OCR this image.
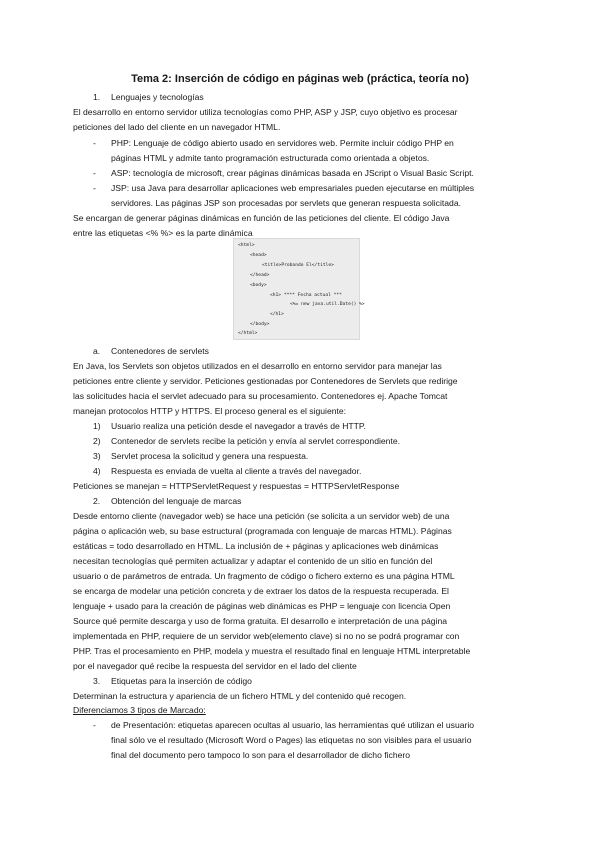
Tema 2: Inserción de código en páginas web (práctica, teoría no)
1. Lenguajes y tecnologías
El desarrollo en entorno servidor utiliza tecnologías como PHP, ASP y JSP, cuyo objetivo es procesar
peticiones del lado del cliente en un navegador HTML.
- PHP: Lenguaje de código abierto usado en servidores web. Permite incluir código PHP en
páginas HTML y admite tanto programación estructurada como orientada a objetos.
- ASP: tecnología de microsoft, crear páginas dinámicas basada en JScript o Visual Basic Script.
- JSP: usa Java para desarrollar aplicaciones web empresariales pueden ejecutarse en múltiples
servidores. Las páginas JSP son procesadas por servlets que generan respuesta solicitada.
Se encargan de generar páginas dinámicas en función de las peticiones del cliente. El código Java
entre las etiquetas <% %> es la parte dinámica
<html>
<head>
<title>Probando El</title>
</head>
<body>
<h1> **** Fecha actual ***
<%= new java.util.Date() %>
</h1>
</body>
</html>
a. Contenedores de servlets
En Java, los Servlets son objetos utilizados en el desarrollo en entorno servidor para manejar las
peticiones entre cliente y servidor. Peticiones gestionadas por Contenedores de Servlets que redirige
las solicitudes hacia el servlet adecuado para su procesamiento. Contenedores ej. Apache Tomcat
manejan protocolos HTTP y HTTPS. El proceso general es el siguiente:
1) Usuario realiza una petición desde el navegador a través de HTTP.
2) Contenedor de servlets recibe la petición y envía al servlet correspondiente.
3) Servlet procesa la solicitud y genera una respuesta.
4) Respuesta es enviada de vuelta al cliente a través del navegador.
Peticiones se manejan = HTTPServletRequest y respuestas = HTTPServletResponse
2. Obtención del lenguaje de marcas
Desde entorno cliente (navegador web) se hace una petición (se solicita a un servidor web) de una
página o aplicación web, su base estructural (programada con lenguaje de marcas HTML). Páginas
estáticas = todo desarrollado en HTML. La inclusión de + páginas y aplicaciones web dinámicas
necesitan tecnologías qué permiten actualizar y adaptar el contenido de un sitio en función del
usuario o de parámetros de entrada. Un fragmento de código o fichero externo es una página HTML
se encarga de modelar una petición concreta y de extraer los datos de la respuesta recuperada. El
lenguaje + usado para la creación de páginas web dinámicas es PHP = lenguaje con licencia Open
Source qué permite descarga y uso de forma gratuita. El desarrollo e interpretación de una página
implementada en PHP, requiere de un servidor web(elemento clave) si no no se podrá programar con
PHP. Tras el procesamiento en PHP, modela y muestra el resultado final en lenguaje HTML interpretable
por el navegador qué recibe la respuesta del servidor en el lado del cliente
3. Etiquetas para la inserción de código
Determinan la estructura y apariencia de un fichero HTML y del contenido qué recogen.
Diferenciamos 3 tipos de Marcado:
- de Presentación: etiquetas aparecen ocultas al usuario, las herramientas qué utilizan el usuario
final sólo ve el resultado (Microsoft Word o Pages) las etiquetas no son visibles para el usuario
final del documento pero tampoco lo son para el desarrollador de dicho fichero
